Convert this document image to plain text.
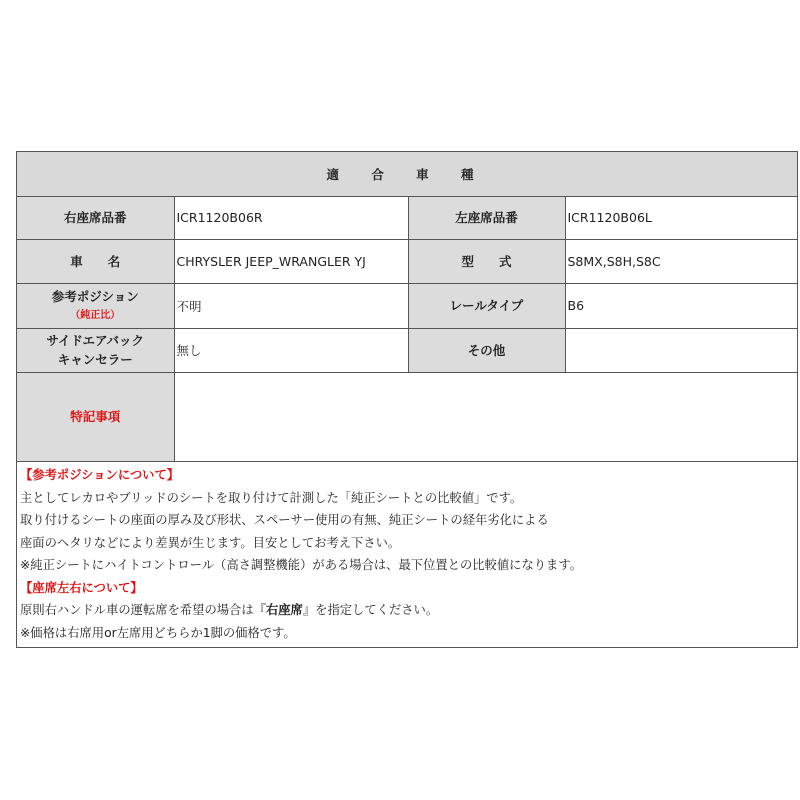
適 合 車 種			
右座席品番	ICR1120B06R	左座席品番	ICR1120B06L
車　　名	CHRYSLER JEEP_WRANGLER YJ	型　　式	S8MX,S8H,S8C

参考ポジション
（純正比）	不明	レールタイプ	B6

サイドエアバック
キャンセラー	無し	その他	
特記事項			
【参考ポジションについて】
主としてレカロやブリッドのシートを取り付けて計測した「純正シートとの比較値」です。
取り付けるシートの座面の厚み及び形状、スペーサー使用の有無、純正シートの経年劣化による
座面のヘタリなどにより差異が生じます。目安としてお考え下さい。
※純正シートにハイトコントロール（高さ調整機能）がある場合は、最下位置との比較値になります。
【座席左右について】
原則右ハンドル車の運転席を希望の場合は『右座席』を指定してください。
※価格は右席用or左席用どちらか1脚の価格です。
